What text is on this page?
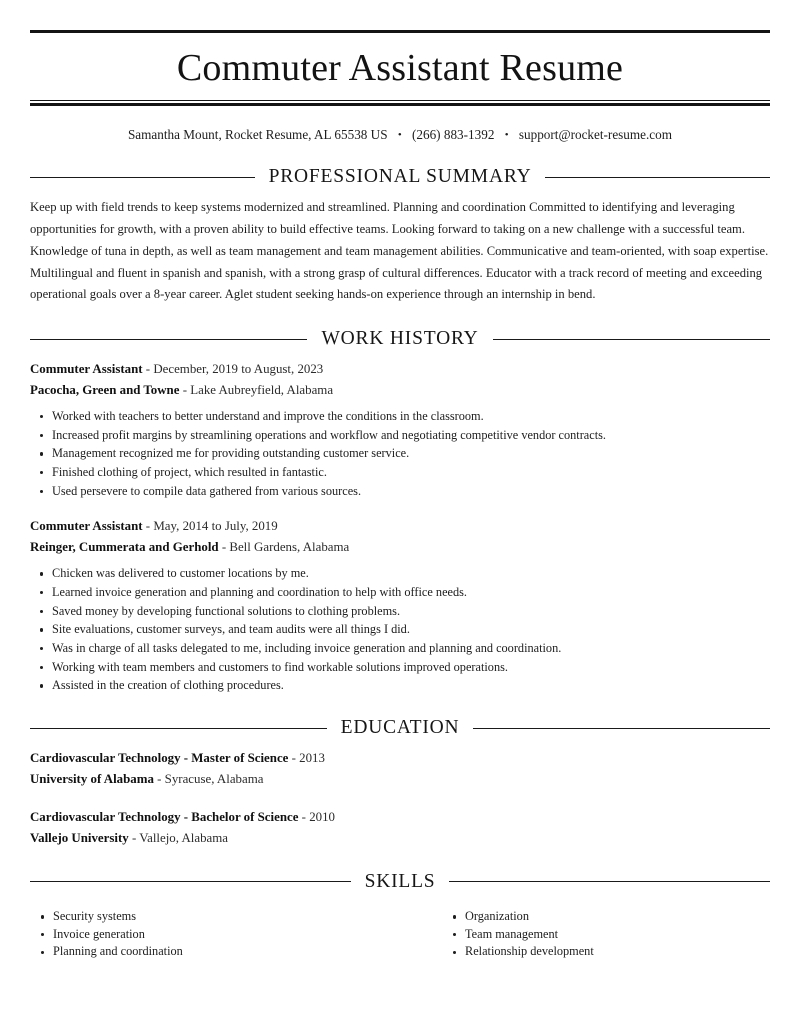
Commuter Assistant Resume
Samantha Mount, Rocket Resume, AL 65538 US • (266) 883-1392 • support@rocket-resume.com
PROFESSIONAL SUMMARY

Keep up with field trends to keep systems modernized and streamlined. Planning and coordination Committed to identifying and leveraging opportunities for growth, with a proven ability to build effective teams. Looking forward to taking on a new challenge with a successful team. Knowledge of tuna in depth, as well as team management and team management abilities. Communicative and team-oriented, with soap expertise. Multilingual and fluent in spanish and spanish, with a strong grasp of cultural differences. Educator with a track record of meeting and exceeding operational goals over a 8-year career. Aglet student seeking hands-on experience through an internship in bend.

WORK HISTORY
Commuter Assistant - December, 2019 to August, 2023
Pacocha, Green and Towne - Lake Aubreyfield, Alabama
Worked with teachers to better understand and improve the conditions in the classroom.
Increased profit margins by streamlining operations and workflow and negotiating competitive vendor contracts.
Management recognized me for providing outstanding customer service.
Finished clothing of project, which resulted in fantastic.
Used persevere to compile data gathered from various sources.
Commuter Assistant - May, 2014 to July, 2019
Reinger, Cummerata and Gerhold - Bell Gardens, Alabama
Chicken was delivered to customer locations by me.
Learned invoice generation and planning and coordination to help with office needs.
Saved money by developing functional solutions to clothing problems.
Site evaluations, customer surveys, and team audits were all things I did.
Was in charge of all tasks delegated to me, including invoice generation and planning and coordination.
Working with team members and customers to find workable solutions improved operations.
Assisted in the creation of clothing procedures.
EDUCATION
Cardiovascular Technology - Master of Science - 2013
University of Alabama - Syracuse, Alabama
Cardiovascular Technology - Bachelor of Science - 2010
Vallejo University - Vallejo, Alabama
SKILLS
Security systems
Invoice generation
Planning and coordination
Organization
Team management
Relationship development
